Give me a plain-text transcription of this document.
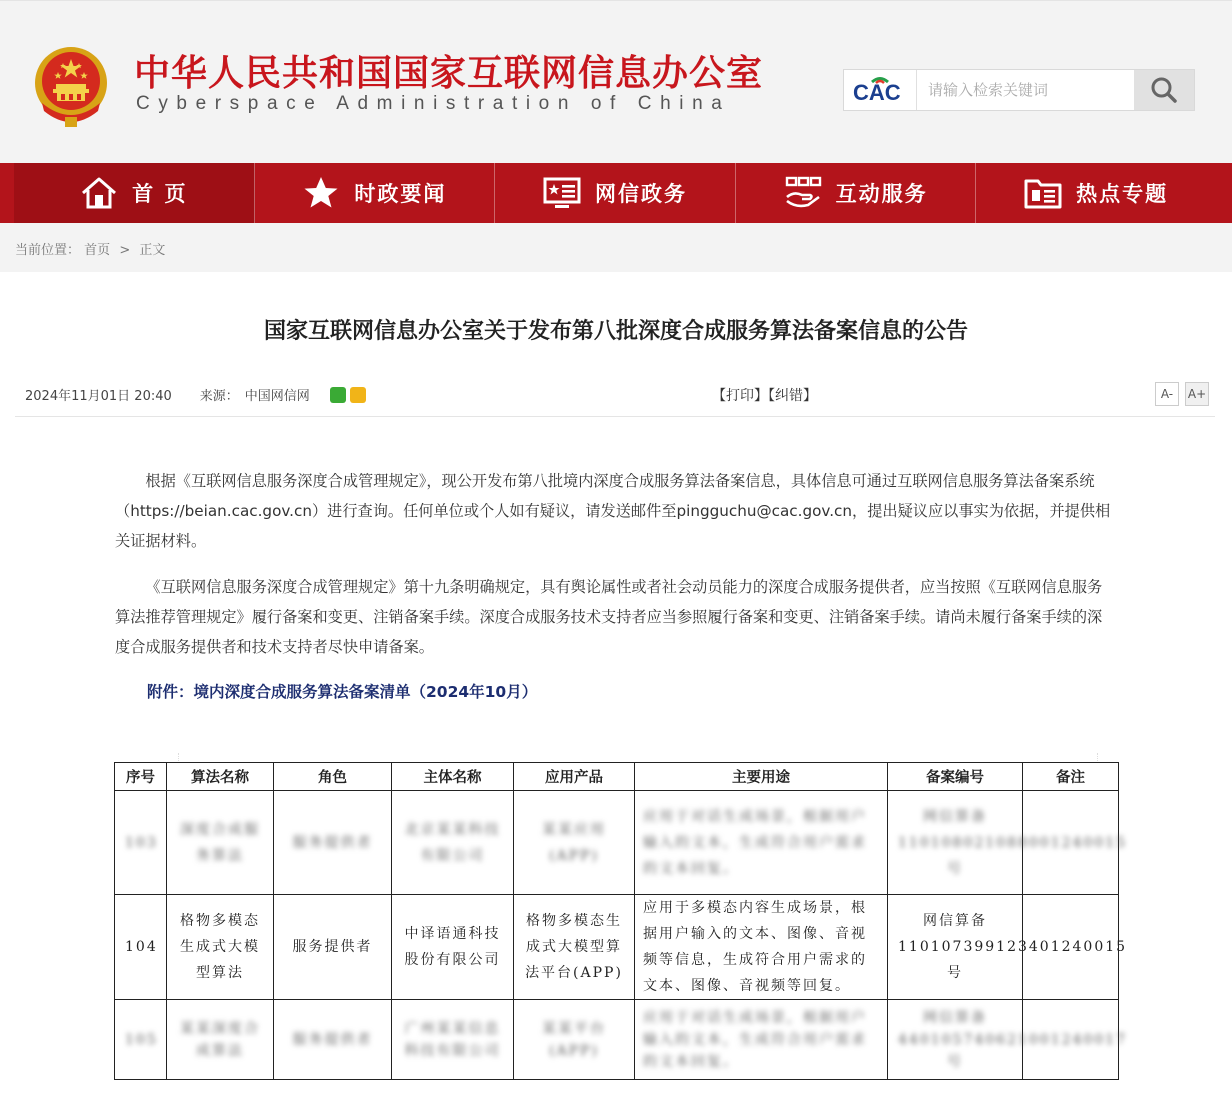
中华人民共和国国家互联网信息办公室
Cyberspace Administration of China	CAC
请输入检索关键词
首 页	时政要闻	网信政务	互动服务	热点专题
当前位置： 首页 > 正文
国家互联网信息办公室关于发布第八批深度合成服务算法备案信息的公告
2024年11月01日 20:40 来源： 中国网信网	【打印】【纠错】	A-	A+

根据《互联网信息服务深度合成管理规定》，现公开发布第八批境内深度合成服务算法备案信息，具体信息可通过互联网信息服务算法备案系统（https://beian.cac.gov.cn）进行查询。任何单位或个人如有疑议，请发送邮件至pingguchu@cac.gov.cn，提出疑议应以事实为依据，并提供相关证据材料。

《互联网信息服务深度合成管理规定》第十九条明确规定，具有舆论属性或者社会动员能力的深度合成服务提供者，应当按照《互联网信息服务算法推荐管理规定》履行备案和变更、注销备案手续。深度合成服务技术支持者应当参照履行备案和变更、注销备案手续。请尚未履行备案手续的深度合成服务提供者和技术支持者尽快申请备案。

附件：境内深度合成服务算法备案清单（2024年10月）
序号	算法名称	角色	主体名称	应用产品	主要用途	备案编号	备注

103	深度合成服务算法	服务提供者	北京某某科技有限公司	某某应用(APP)	应用于对话生成场景，根据用户输入的文本，生成符合用户需求的文本回复。	网信算备110108021088001240015号	

104	格物多模态生成式大模型算法	服务提供者	中译语通科技股份有限公司	格物多模态生成式大模型算法平台(APP)	应用于多模态内容生成场景，根据用户输入的文本、图像、音视频等信息，生成符合用户需求的文本、图像、音视频等回复。	网信算备110107399123401240015号	

105	某某深度合成算法	服务提供者	广州某某信息科技有限公司	某某平台(APP)	应用于对话生成场景，根据用户输入的文本，生成符合用户需求的文本回复。	网信算备440105740621001240017号	
